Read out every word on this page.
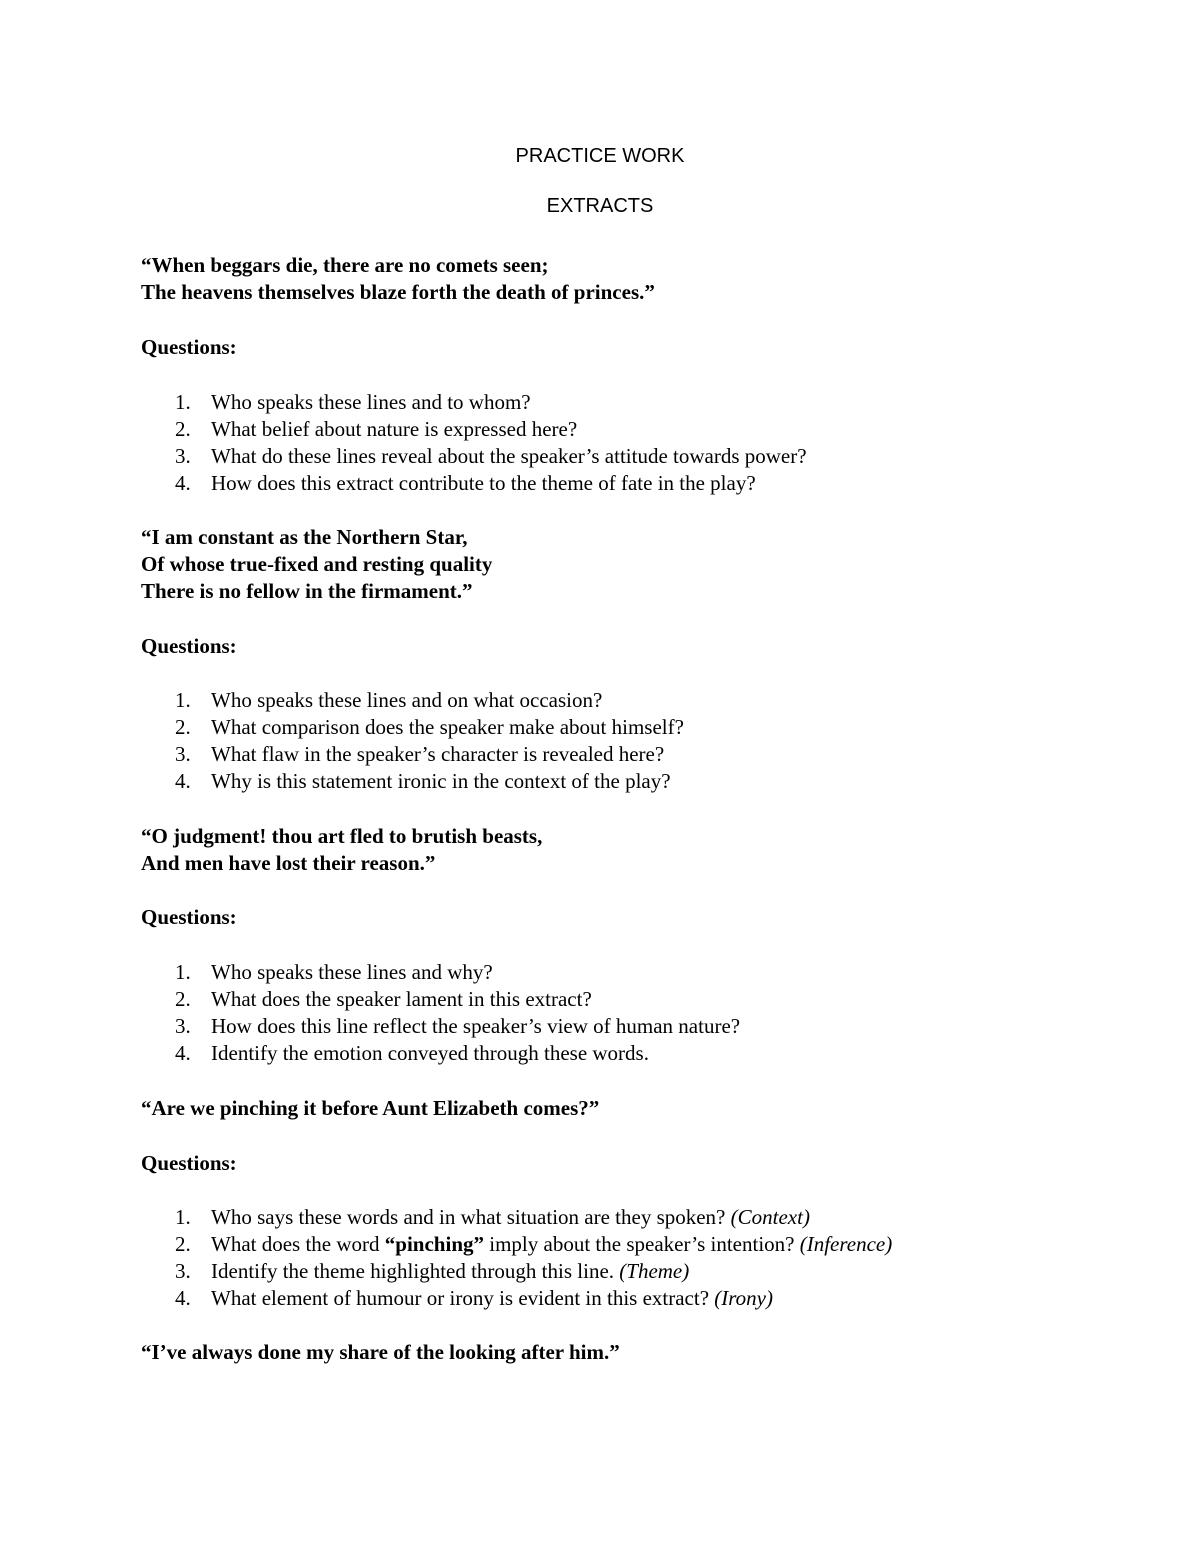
PRACTICE WORK
EXTRACTS
“When beggars die, there are no comets seen;
The heavens themselves blaze forth the death of princes.”
Questions:
1. Who speaks these lines and to whom?
2. What belief about nature is expressed here?
3. What do these lines reveal about the speaker’s attitude towards power?
4. How does this extract contribute to the theme of fate in the play?
“I am constant as the Northern Star,
Of whose true-fixed and resting quality
There is no fellow in the firmament.”
Questions:
1. Who speaks these lines and on what occasion?
2. What comparison does the speaker make about himself?
3. What flaw in the speaker’s character is revealed here?
4. Why is this statement ironic in the context of the play?
“O judgment! thou art fled to brutish beasts,
And men have lost their reason.”
Questions:
1. Who speaks these lines and why?
2. What does the speaker lament in this extract?
3. How does this line reflect the speaker’s view of human nature?
4. Identify the emotion conveyed through these words.
“Are we pinching it before Aunt Elizabeth comes?”
Questions:
1. Who says these words and in what situation are they spoken? (Context)
2. What does the word “pinching” imply about the speaker’s intention? (Inference)
3. Identify the theme highlighted through this line. (Theme)
4. What element of humour or irony is evident in this extract? (Irony)
“I’ve always done my share of the looking after him.”
